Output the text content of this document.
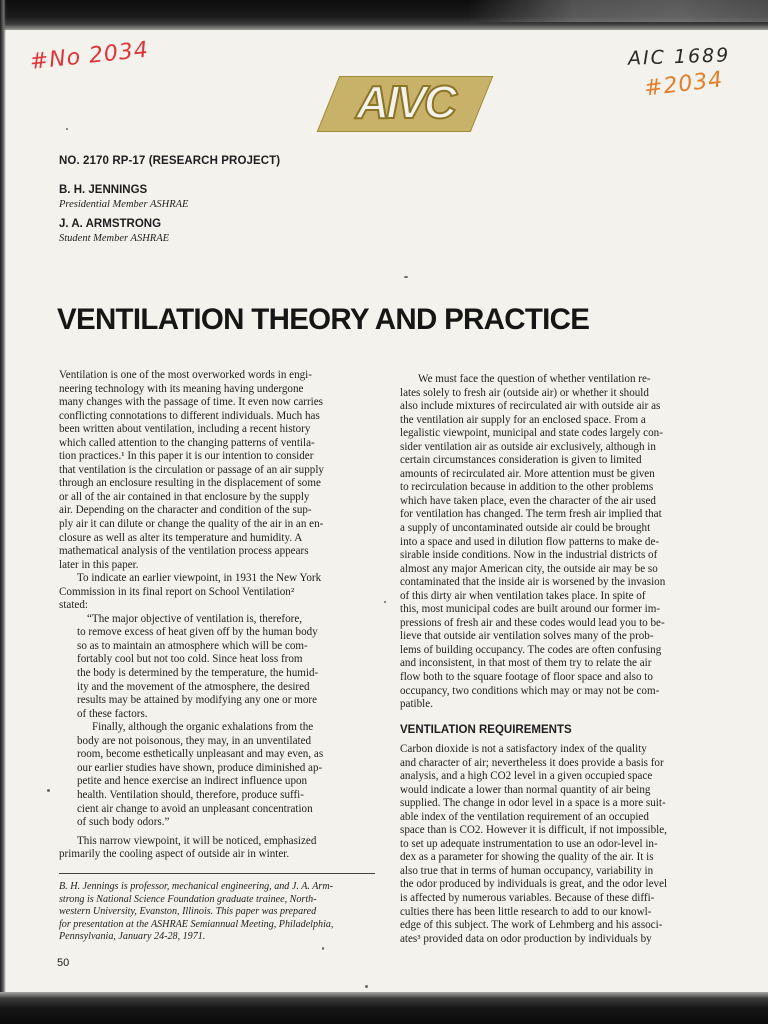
#No 2034	AIC 1689
#2034
AIVC
NO. 2170 RP-17 (RESEARCH PROJECT)
B. H. JENNINGS
Presidential Member ASHRAE
J. A. ARMSTRONG
Student Member ASHRAE
VENTILATION THEORY AND PRACTICE
Ventilation is one of the most overworked words in engi-
neering technology with its meaning having undergone
many changes with the passage of time. It even now carries
conflicting connotations to different individuals. Much has
been written about ventilation, including a recent history
which called attention to the changing patterns of ventila-
tion practices.¹ In this paper it is our intention to consider
that ventilation is the circulation or passage of an air supply
through an enclosure resulting in the displacement of some
or all of the air contained in that enclosure by the supply
air. Depending on the character and condition of the sup-
ply air it can dilute or change the quality of the air in an en-
closure as well as alter its temperature and humidity. A
mathematical analysis of the ventilation process appears
later in this paper.
To indicate an earlier viewpoint, in 1931 the New York
Commission in its final report on School Ventilation²
stated:
“The major objective of ventilation is, therefore,
to remove excess of heat given off by the human body
so as to maintain an atmosphere which will be com-
fortably cool but not too cold. Since heat loss from
the body is determined by the temperature, the humid-
ity and the movement of the atmosphere, the desired
results may be attained by modifying any one or more
of these factors.
Finally, although the organic exhalations from the
body are not poisonous, they may, in an unventilated
room, become esthetically unpleasant and may even, as
our earlier studies have shown, produce diminished ap-
petite and hence exercise an indirect influence upon
health. Ventilation should, therefore, produce suffi-
cient air change to avoid an unpleasant concentration
of such body odors.”
This narrow viewpoint, it will be noticed, emphasized
primarily the cooling aspect of outside air in winter.
We must face the question of whether ventilation re-
lates solely to fresh air (outside air) or whether it should
also include mixtures of recirculated air with outside air as
the ventilation air supply for an enclosed space. From a
legalistic viewpoint, municipal and state codes largely con-
sider ventilation air as outside air exclusively, although in
certain circumstances consideration is given to limited
amounts of recirculated air. More attention must be given
to recirculation because in addition to the other problems
which have taken place, even the character of the air used
for ventilation has changed. The term fresh air implied that
a supply of uncontaminated outside air could be brought
into a space and used in dilution flow patterns to make de-
sirable inside conditions. Now in the industrial districts of
almost any major American city, the outside air may be so
contaminated that the inside air is worsened by the invasion
of this dirty air when ventilation takes place. In spite of
this, most municipal codes are built around our former im-
pressions of fresh air and these codes would lead you to be-
lieve that outside air ventilation solves many of the prob-
lems of building occupancy. The codes are often confusing
and inconsistent, in that most of them try to relate the air
flow both to the square footage of floor space and also to
occupancy, two conditions which may or may not be com-
patible.
VENTILATION REQUIREMENTS
Carbon dioxide is not a satisfactory index of the quality
and character of air; nevertheless it does provide a basis for
analysis, and a high CO2 level in a given occupied space
would indicate a lower than normal quantity of air being
supplied. The change in odor level in a space is a more suit-
able index of the ventilation requirement of an occupied
space than is CO2. However it is difficult, if not impossible,
to set up adequate instrumentation to use an odor-level in-
dex as a parameter for showing the quality of the air. It is
also true that in terms of human occupancy, variability in
the odor produced by individuals is great, and the odor level
is affected by numerous variables. Because of these diffi-
culties there has been little research to add to our knowl-
edge of this subject. The work of Lehmberg and his associ-
ates³ provided data on odor production by individuals by
B. H. Jennings is professor, mechanical engineering, and J. A. Arm-
strong is National Science Foundation graduate trainee, North-
western University, Evanston, Illinois. This paper was prepared
for presentation at the ASHRAE Semiannual Meeting, Philadelphia,
Pennsylvania, January 24-28, 1971.
50
